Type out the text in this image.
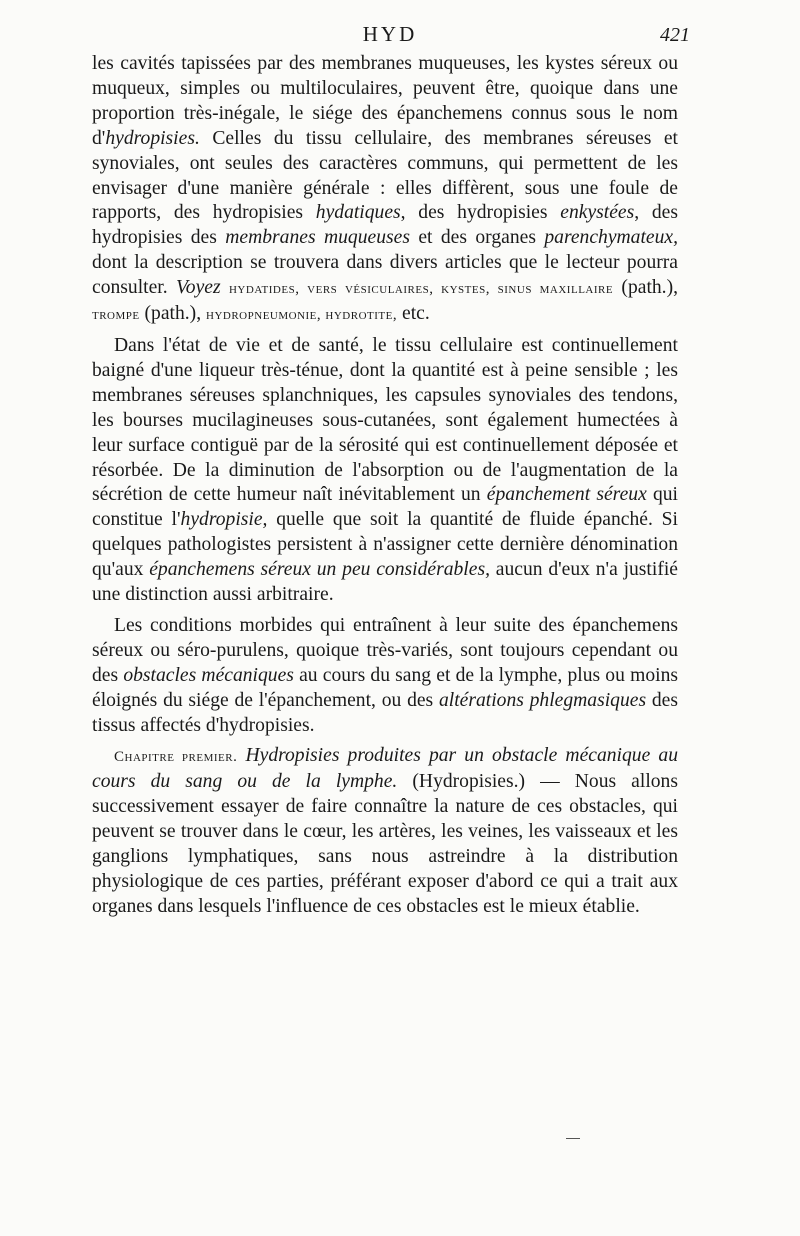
HYD	421

les cavités tapissées par des membranes muqueuses, les kystes séreux ou muqueux, simples ou multiloculaires, peuvent être, quoique dans une proportion très-inégale, le siége des épanchemens connus sous le nom d'hydropisies. Celles du tissu cellulaire, des membranes séreuses et synoviales, ont seules des caractères communs, qui permettent de les envisager d'une manière générale : elles diffèrent, sous une foule de rapports, des hydropisies hydatiques, des hydropisies enkystées, des hydropisies des membranes muqueuses et des organes parenchymateux, dont la description se trouvera dans divers articles que le lecteur pourra consulter. Voyez hydatides, vers vésiculaires, kystes, sinus maxillaire (path.), trompe (path.), hydropneumonie, hydrotite, etc.

Dans l'état de vie et de santé, le tissu cellulaire est continuellement baigné d'une liqueur très-ténue, dont la quantité est à peine sensible ; les membranes séreuses splanchniques, les capsules synoviales des tendons, les bourses mucilagineuses sous-cutanées, sont également humectées à leur surface contiguë par de la sérosité qui est continuellement déposée et résorbée. De la diminution de l'absorption ou de l'augmentation de la sécrétion de cette humeur naît inévitablement un épanchement séreux qui constitue l'hydropisie, quelle que soit la quantité de fluide épanché. Si quelques pathologistes persistent à n'assigner cette dernière dénomination qu'aux épanchemens séreux un peu considérables, aucun d'eux n'a justifié une distinction aussi arbitraire.

Les conditions morbides qui entraînent à leur suite des épanchemens séreux ou séro-purulens, quoique très-variés, sont toujours cependant ou des obstacles mécaniques au cours du sang et de la lymphe, plus ou moins éloignés du siége de l'épanchement, ou des altérations phlegmasiques des tissus affectés d'hydropisies.

Chapitre premier. Hydropisies produites par un obstacle mécanique au cours du sang ou de la lymphe. (Hydropisies.) — Nous allons successivement essayer de faire connaître la nature de ces obstacles, qui peuvent se trouver dans le cœur, les artères, les veines, les vaisseaux et les ganglions lymphatiques, sans nous astreindre à la distribution physiologique de ces parties, préférant exposer d'abord ce qui a trait aux organes dans lesquels l'influence de ces obstacles est le mieux établie.
